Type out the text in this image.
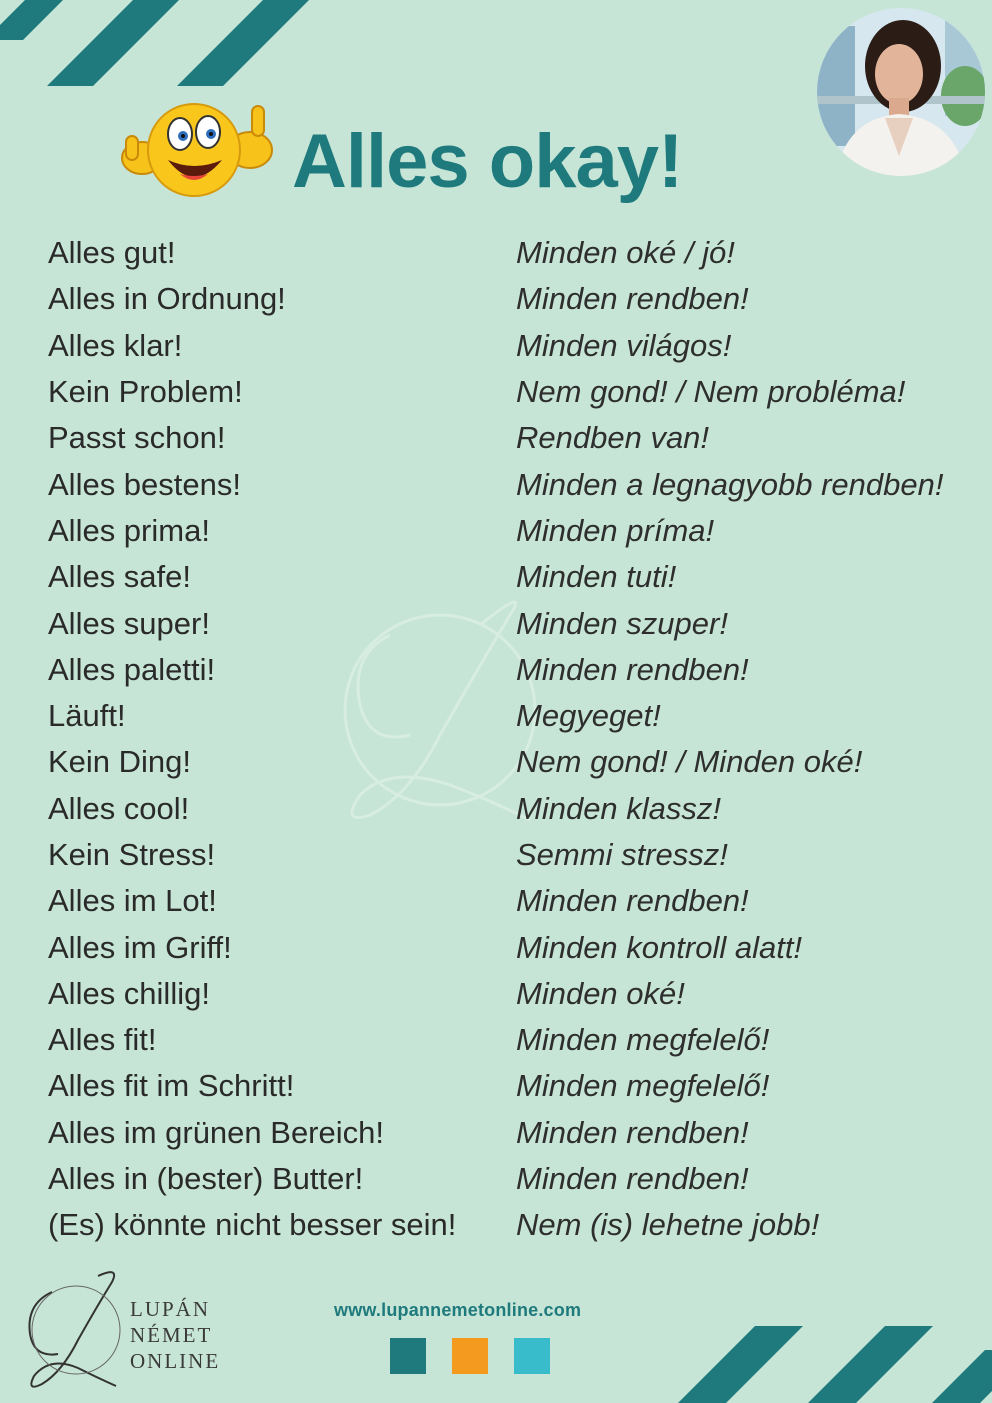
Alles okay!
Alles gut!	Minden oké / jó!
Alles in Ordnung!	Minden rendben!
Alles klar!	Minden világos!
Kein Problem!	Nem gond! / Nem probléma!
Passt schon!	Rendben van!
Alles bestens!	Minden a legnagyobb rendben!
Alles prima!	Minden príma!
Alles safe!	Minden tuti!
Alles super!	Minden szuper!
Alles paletti!	Minden rendben!
Läuft!	Megyeget!
Kein Ding!	Nem gond! / Minden oké!
Alles cool!	Minden klassz!
Kein Stress!	Semmi stressz!
Alles im Lot!	Minden rendben!
Alles im Griff!	Minden kontroll alatt!
Alles chillig!	Minden oké!
Alles fit!	Minden megfelelő!
Alles fit im Schritt!	Minden megfelelő!
Alles im grünen Bereich!	Minden rendben!
Alles in (bester) Butter!	Minden rendben!
(Es) könnte nicht besser sein!	Nem (is) lehetne jobb!
LUPÁN
NÉMET
ONLINE
www.lupannemetonline.com
